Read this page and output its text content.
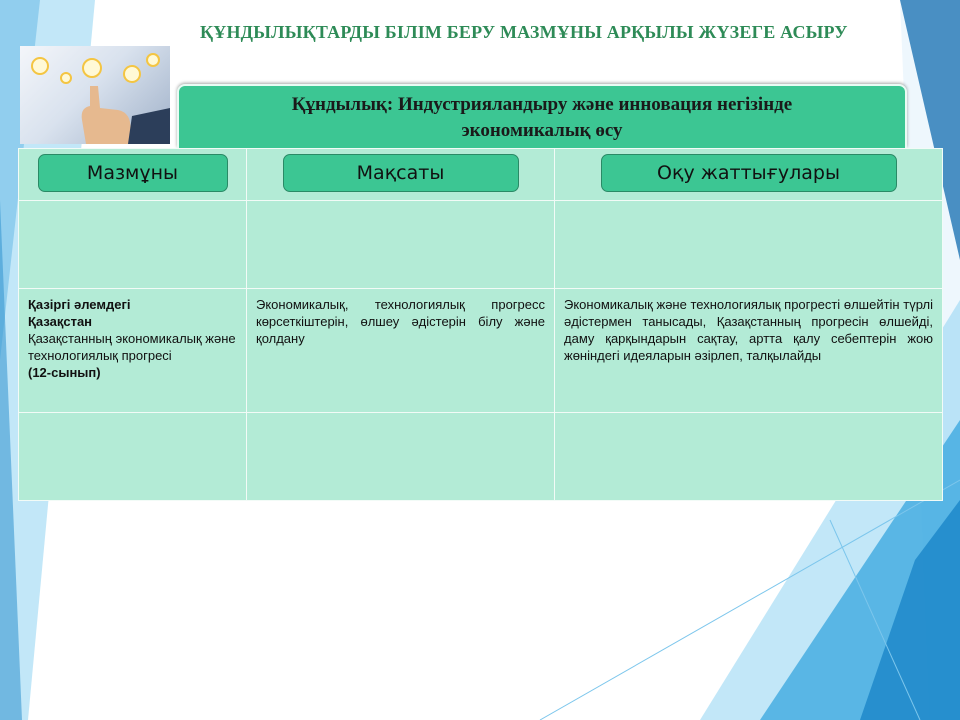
ҚҰНДЫЛЫҚТАРДЫ БІЛІМ БЕРУ МАЗМҰНЫ АРҚЫЛЫ ЖҮЗЕГЕ АСЫРУ
Құндылық: Индустрияландыру және инновация негізінде
экономикалық өсу
Мазмұны	Мақсаты	Оқу жаттығулары

Қазіргі әлемдегі
Қазақстан
Қазақстанның экономикалық және технологиялық прогресі
(12-сынып)	Экономикалық, технологиялық прогресс көрсеткіштерін, өлшеу әдістерін білу және қолдану	Экономикалық және технологиялық прогресті өлшейтін түрлі әдістермен танысады, Қазақстанның прогресін өлшейді, даму қарқындарын сақтау, артта қалу себептерін жою жөніндегі идеяларын әзірлеп, талқылайды
